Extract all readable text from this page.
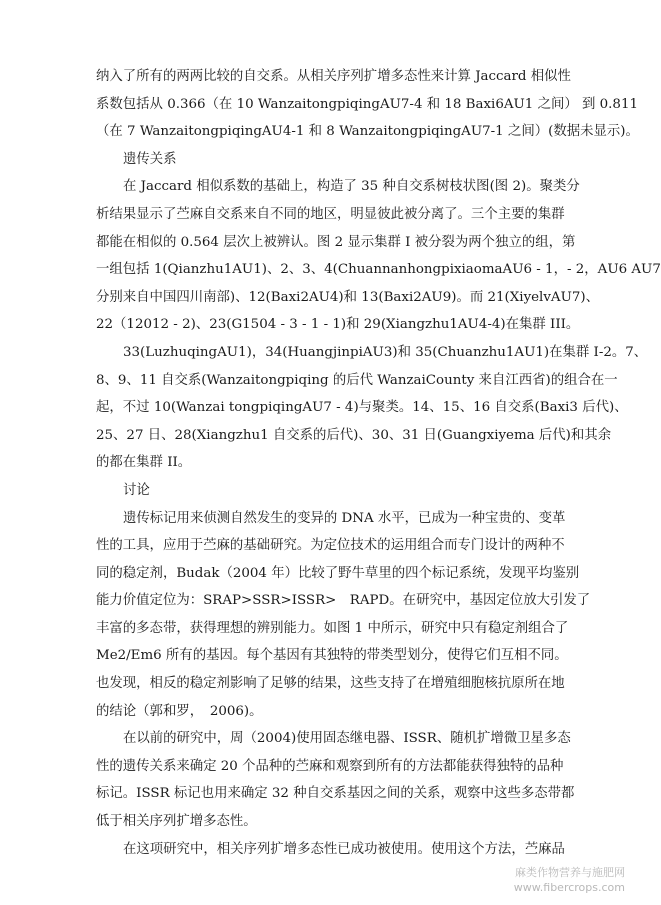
纳入了所有的两两比较的自交系。从相关序列扩增多态性来计算 Jaccard 相似性
系数包括从 0.366（在 10 WanzaitongpiqingAU7-4 和 18 Baxi6AU1 之间） 到 0.811
（在 7 WanzaitongpiqingAU4-1 和 8 WanzaitongpiqingAU7-1 之间）(数据未显示)。
遗传关系
在 Jaccard 相似系数的基础上，构造了 35 种自交系树枝状图(图 2)。聚类分
析结果显示了苎麻自交系来自不同的地区，明显彼此被分离了。三个主要的集群
都能在相似的 0.564 层次上被辨认。图 2 显示集群 I 被分裂为两个独立的组，第
一组包括 1(Qianzhu1AU1)、2、3、4(ChuannanhongpixiaomaAU6 - 1，- 2，AU6 AU7
分别来自中国四川南部)、12(Baxi2AU4)和 13(Baxi2AU9)。而 21(XiyelvAU7)、
22（12012 - 2)、23(G1504 - 3 - 1 - 1)和 29(Xiangzhu1AU4-4)在集群 III。
33(LuzhuqingAU1)，34(HuangjinpiAU3)和 35(Chuanzhu1AU1)在集群 I-2。7、
8、9、11 自交系(Wanzaitongpiqing 的后代 WanzaiCounty 来自江西省)的组合在一
起，不过 10(Wanzai tongpiqingAU7 - 4)与聚类。14、15、16 自交系(Baxi3 后代)、
25、27 日、28(Xiangzhu1 自交系的后代)、30、31 日(Guangxiyema 后代)和其余
的都在集群 II。
讨论
遗传标记用来侦测自然发生的变异的 DNA 水平，已成为一种宝贵的、变革
性的工具，应用于苎麻的基础研究。为定位技术的运用组合而专门设计的两种不
同的稳定剂，Budak（2004 年）比较了野牛草里的四个标记系统，发现平均鉴别
能力价值定位为：SRAP>SSR>ISSR>　RAPD。在研究中，基因定位放大引发了
丰富的多态带，获得理想的辨别能力。如图 1 中所示，研究中只有稳定剂组合了
Me2/Em6 所有的基因。每个基因有其独特的带类型划分，使得它们互相不同。
也发现，相反的稳定剂影响了足够的结果，这些支持了在增殖细胞核抗原所在地
的结论（郭和罗，　2006)。
在以前的研究中，周（2004)使用固态继电器、ISSR、随机扩增微卫星多态
性的遗传关系来确定 20 个品种的苎麻和观察到所有的方法都能获得独特的品种
标记。ISSR 标记也用来确定 32 种自交系基因之间的关系，观察中这些多态带都
低于相关序列扩增多态性。
在这项研究中，相关序列扩增多态性已成功被使用。使用这个方法，苎麻品
麻类作物营养与施肥网
www.fibercrops.com
